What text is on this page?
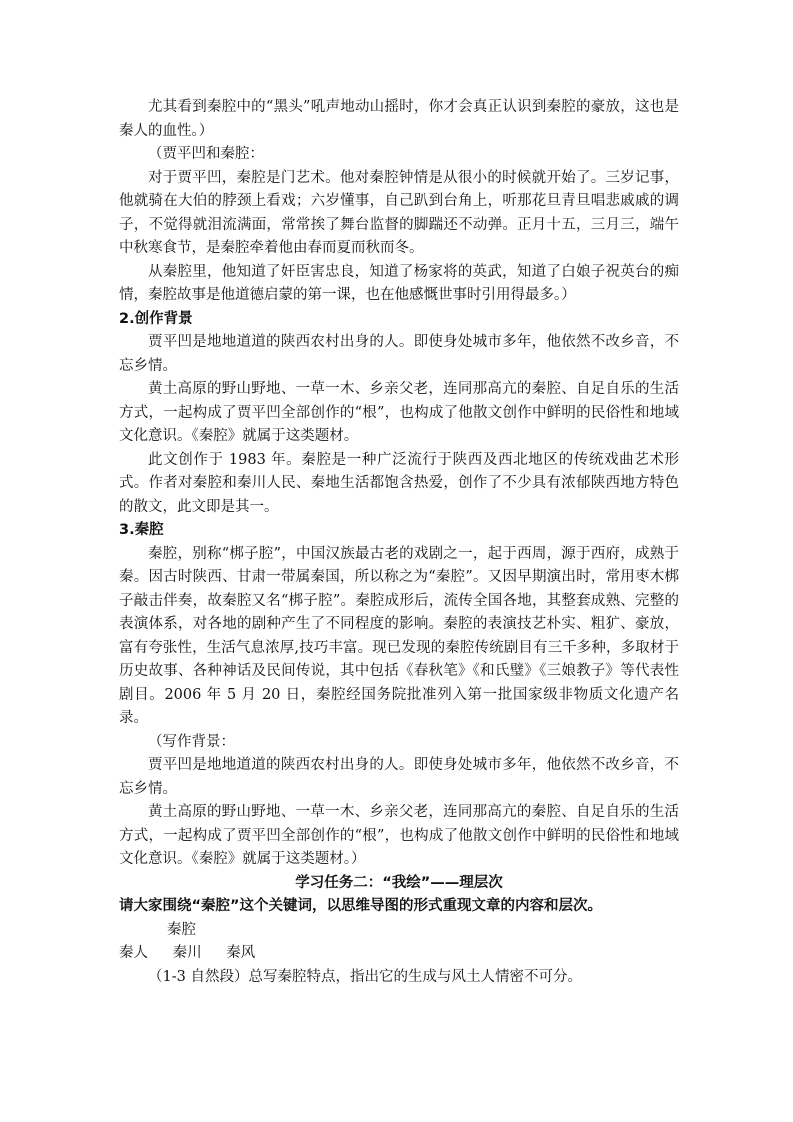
尤其看到秦腔中的“黑头”吼声地动山摇时，你才会真正认识到秦腔的豪放，这也是秦人的血性。）

（贾平凹和秦腔：

对于贾平凹，秦腔是门艺术。他对秦腔钟情是从很小的时候就开始了。三岁记事，他就骑在大伯的脖颈上看戏；六岁懂事，自己趴到台角上，听那花旦青旦唱悲戚戚的调子，不觉得就泪流满面，常常挨了舞台监督的脚踹还不动弹。正月十五，三月三，端午中秋寒食节，是秦腔牵着他由春而夏而秋而冬。

从秦腔里，他知道了奸臣害忠良，知道了杨家将的英武，知道了白娘子祝英台的痴情，秦腔故事是他道德启蒙的第一课，也在他感慨世事时引用得最多。）

2.创作背景

贾平凹是地地道道的陕西农村出身的人。即使身处城市多年，他依然不改乡音，不忘乡情。

黄土高原的野山野地、一草一木、乡亲父老，连同那高亢的秦腔、自足自乐的生活方式，一起构成了贾平凹全部创作的“根”，也构成了他散文创作中鲜明的民俗性和地域文化意识。《秦腔》就属于这类题材。

此文创作于 1983 年。秦腔是一种广泛流行于陕西及西北地区的传统戏曲艺术形式。作者对秦腔和秦川人民、秦地生活都饱含热爱，创作了不少具有浓郁陕西地方特色的散文，此文即是其一。

3.秦腔

秦腔，别称“梆子腔”，中国汉族最古老的戏剧之一，起于西周，源于西府，成熟于秦。因古时陕西、甘肃一带属秦国，所以称之为“秦腔”。又因早期演出时，常用枣木梆子敲击伴奏，故秦腔又名“梆子腔”。秦腔成形后，流传全国各地，其整套成熟、完整的表演体系，对各地的剧种产生了不同程度的影响。秦腔的表演技艺朴实、粗犷、豪放，富有夸张性，生活气息浓厚,技巧丰富。现已发现的秦腔传统剧目有三千多种，多取材于历史故事、各种神话及民间传说，其中包括《春秋笔》《和氏璧》《三娘教子》等代表性剧目。2006 年 5 月 20 日，秦腔经国务院批准列入第一批国家级非物质文化遗产名录。

（写作背景：

贾平凹是地地道道的陕西农村出身的人。即使身处城市多年，他依然不改乡音，不忘乡情。

黄土高原的野山野地、一草一木、乡亲父老，连同那高亢的秦腔、自足自乐的生活方式，一起构成了贾平凹全部创作的“根”，也构成了他散文创作中鲜明的民俗性和地域文化意识。《秦腔》就属于这类题材。）

学习任务二：“我绘”——理层次

请大家围绕“秦腔”这个关键词，以思维导图的形式重现文章的内容和层次。

秦腔

秦人 秦川 秦风

（1-3 自然段）总写秦腔特点，指出它的生成与风土人情密不可分。
